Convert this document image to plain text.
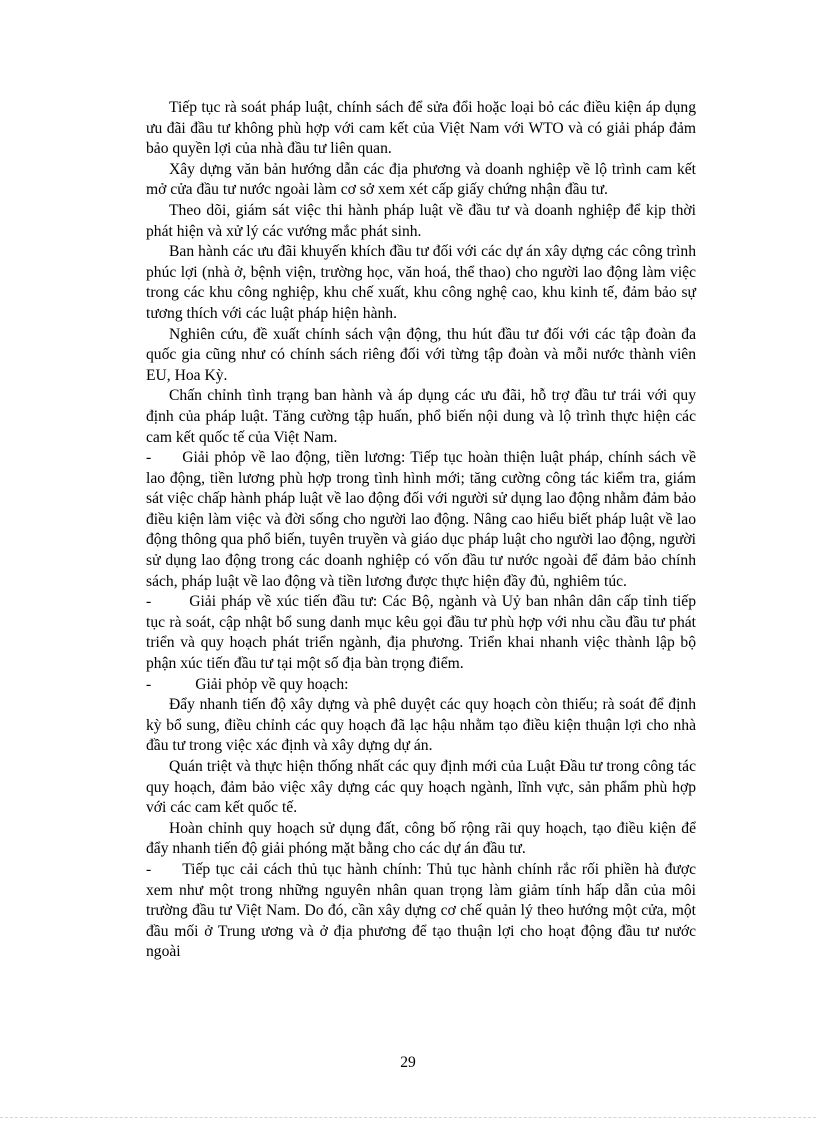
Tiếp tục rà soát pháp luật, chính sách để sửa đổi hoặc loại bỏ các điều kiện áp dụng ưu đãi đầu tư không phù hợp với cam kết của Việt Nam với WTO và có giải pháp đảm bảo quyền lợi của nhà đầu tư liên quan.

Xây dựng văn bản hướng dẫn các địa phương và doanh nghiệp về lộ trình cam kết mở cửa đầu tư nước ngoài làm cơ sở xem xét cấp giấy chứng nhận đầu tư.

Theo dõi, giám sát việc thi hành pháp luật về đầu tư và doanh nghiệp để kịp thời phát hiện và xử lý các vướng mắc phát sinh.

Ban hành các ưu đãi khuyến khích đầu tư đối với các dự án xây dựng các công trình phúc lợi (nhà ở, bệnh viện, trường học, văn hoá, thể thao) cho người lao động làm việc trong các khu công nghiệp, khu chế xuất, khu công nghệ cao, khu kinh tế, đảm bảo sự tương thích với các luật pháp hiện hành.

Nghiên cứu, đề xuất chính sách vận động, thu hút đầu tư đối với các tập đoàn đa quốc gia cũng như có chính sách riêng đối với từng tập đoàn và mỗi nước thành viên EU, Hoa Kỳ.

Chấn chỉnh tình trạng ban hành và áp dụng các ưu đãi, hỗ trợ đầu tư trái với quy định của pháp luật. Tăng cường tập huấn, phổ biến nội dung và lộ trình thực hiện các cam kết quốc tế của Việt Nam.

- Giải phỏp về lao động, tiền lương: Tiếp tục hoàn thiện luật pháp, chính sách về lao động, tiền lương phù hợp trong tình hình mới; tăng cường công tác kiểm tra, giám sát việc chấp hành pháp luật về lao động đối với người sử dụng lao động nhằm đảm bảo điều kiện làm việc và đời sống cho người lao động. Nâng cao hiểu biết pháp luật về lao động thông qua phổ biến, tuyên truyền và giáo dục pháp luật cho người lao động, người sử dụng lao động trong các doanh nghiệp có vốn đầu tư nước ngoài để đảm bảo chính sách, pháp luật về lao động và tiền lương được thực hiện đầy đủ, nghiêm túc.

- Giải pháp về xúc tiến đầu tư: Các Bộ, ngành và Uỷ ban nhân dân cấp tỉnh tiếp tục rà soát, cập nhật bổ sung danh mục kêu gọi đầu tư phù hợp với nhu cầu đầu tư phát triển và quy hoạch phát triển ngành, địa phương. Triển khai nhanh việc thành lập bộ phận xúc tiến đầu tư tại một số địa bàn trọng điểm.

-	Giải phỏp về quy hoạch:

Đẩy nhanh tiến độ xây dựng và phê duyệt các quy hoạch còn thiếu; rà soát để định kỳ bổ sung, điều chỉnh các quy hoạch đã lạc hậu nhằm tạo điều kiện thuận lợi cho nhà đầu tư trong việc xác định và xây dựng dự án.

Quán triệt và thực hiện thống nhất các quy định mới của Luật Đầu tư trong công tác quy hoạch, đảm bảo việc xây dựng các quy hoạch ngành, lĩnh vực, sản phẩm phù hợp với các cam kết quốc tế.

Hoàn chỉnh quy hoạch sử dụng đất, công bố rộng rãi quy hoạch, tạo điều kiện để đẩy nhanh tiến độ giải phóng mặt bằng cho các dự án đầu tư.

- Tiếp tục cải cách thủ tục hành chính: Thủ tục hành chính rắc rối phiền hà được xem như một trong những nguyên nhân quan trọng làm giảm tính hấp dẫn của môi trường đầu tư Việt Nam. Do đó, cần xây dựng cơ chế quản lý theo hướng một cửa, một đầu mối ở Trung ương và ở địa phương để tạo thuận lợi cho hoạt động đầu tư nước ngoài

29
